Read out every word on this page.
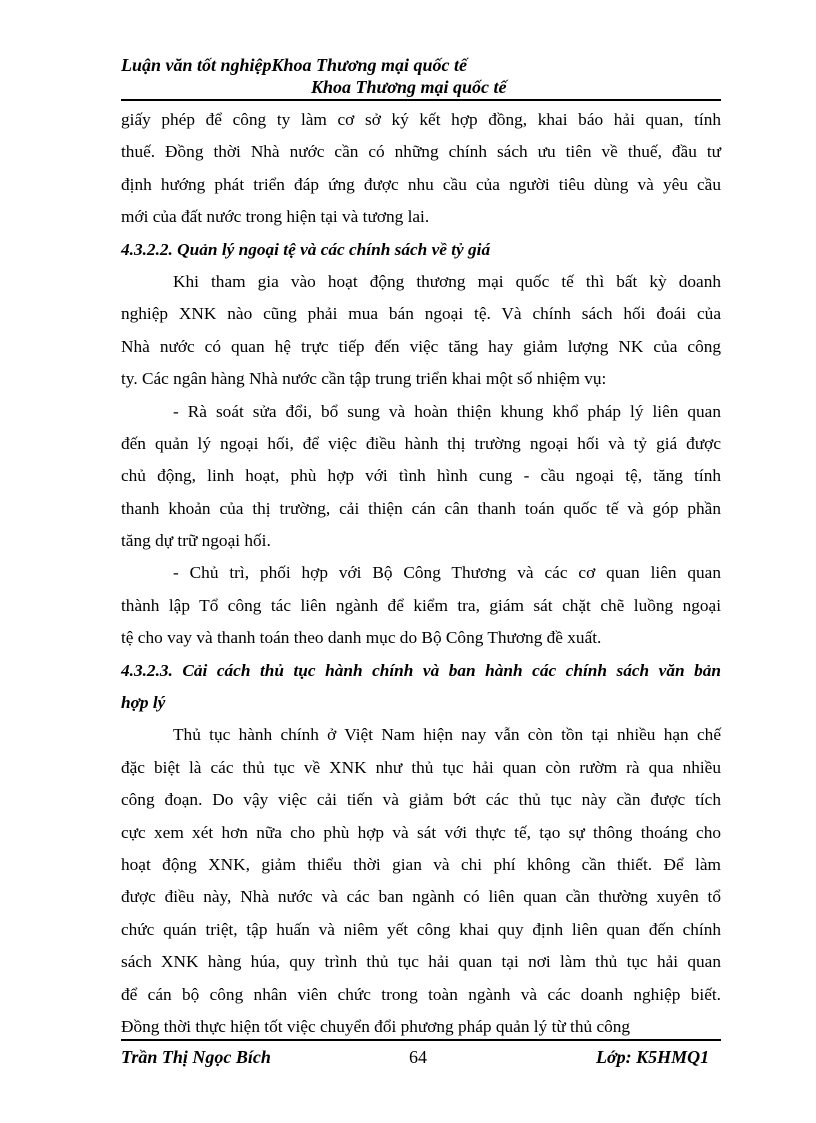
Luận văn tốt nghiệpKhoa Thương mại quốc tế
Khoa Thương mại quốc tế
giấy phép để công ty làm cơ sở ký kết hợp đồng, khai báo hải quan, tính
thuế. Đồng thời Nhà nước cần có những chính sách ưu tiên về thuế, đầu tư
định hướng phát triển đáp ứng được nhu cầu của người tiêu dùng và yêu cầu
mới của đất nước trong hiện tại và tương lai.
4.3.2.2. Quản lý ngoại tệ và các chính sách về tỷ giá
Khi tham gia vào hoạt động thương mại quốc tế thì bất kỳ doanh
nghiệp XNK nào cũng phải mua bán ngoại tệ. Và chính sách hối đoái của
Nhà nước có quan hệ trực tiếp đến việc tăng hay giảm lượng NK của công
ty. Các ngân hàng Nhà nước cần tập trung triển khai một số nhiệm vụ:
- Rà soát sửa đổi, bổ sung và hoàn thiện khung khổ pháp lý liên quan
đến quản lý ngoại hối, để việc điều hành thị trường ngoại hối và tỷ giá được
chủ động, linh hoạt, phù hợp với tình hình cung - cầu ngoại tệ, tăng tính
thanh khoản của thị trường, cải thiện cán cân thanh toán quốc tế và góp phần
tăng dự trữ ngoại hối.
- Chủ trì, phối hợp với Bộ Công Thương và các cơ quan liên quan
thành lập Tổ công tác liên ngành để kiểm tra, giám sát chặt chẽ luồng ngoại
tệ cho vay và thanh toán theo danh mục do Bộ Công Thương đề xuất.
4.3.2.3. Cải cách thủ tục hành chính và ban hành các chính sách văn bản
hợp lý
Thủ tục hành chính ở Việt Nam hiện nay vẫn còn tồn tại nhiều hạn chế
đặc biệt là các thủ tục về XNK như thủ tục hải quan còn rườm rà qua nhiều
công đoạn. Do vậy việc cải tiến và giảm bớt các thủ tục này cần được tích
cực xem xét hơn nữa cho phù hợp và sát với thực tế, tạo sự thông thoáng cho
hoạt động XNK, giảm thiểu thời gian và chi phí không cần thiết. Để làm
được điều này, Nhà nước và các ban ngành có liên quan cần thường xuyên tổ
chức quán triệt, tập huấn và niêm yết công khai quy định liên quan đến chính
sách XNK hàng húa, quy trình thủ tục hải quan tại nơi làm thủ tục hải quan
để cán bộ công nhân viên chức trong toàn ngành và các doanh nghiệp biết.
Đồng thời thực hiện tốt việc chuyển đổi phương pháp quản lý từ thủ công
Trần Thị Ngọc Bích	64	Lớp: K5HMQ1
